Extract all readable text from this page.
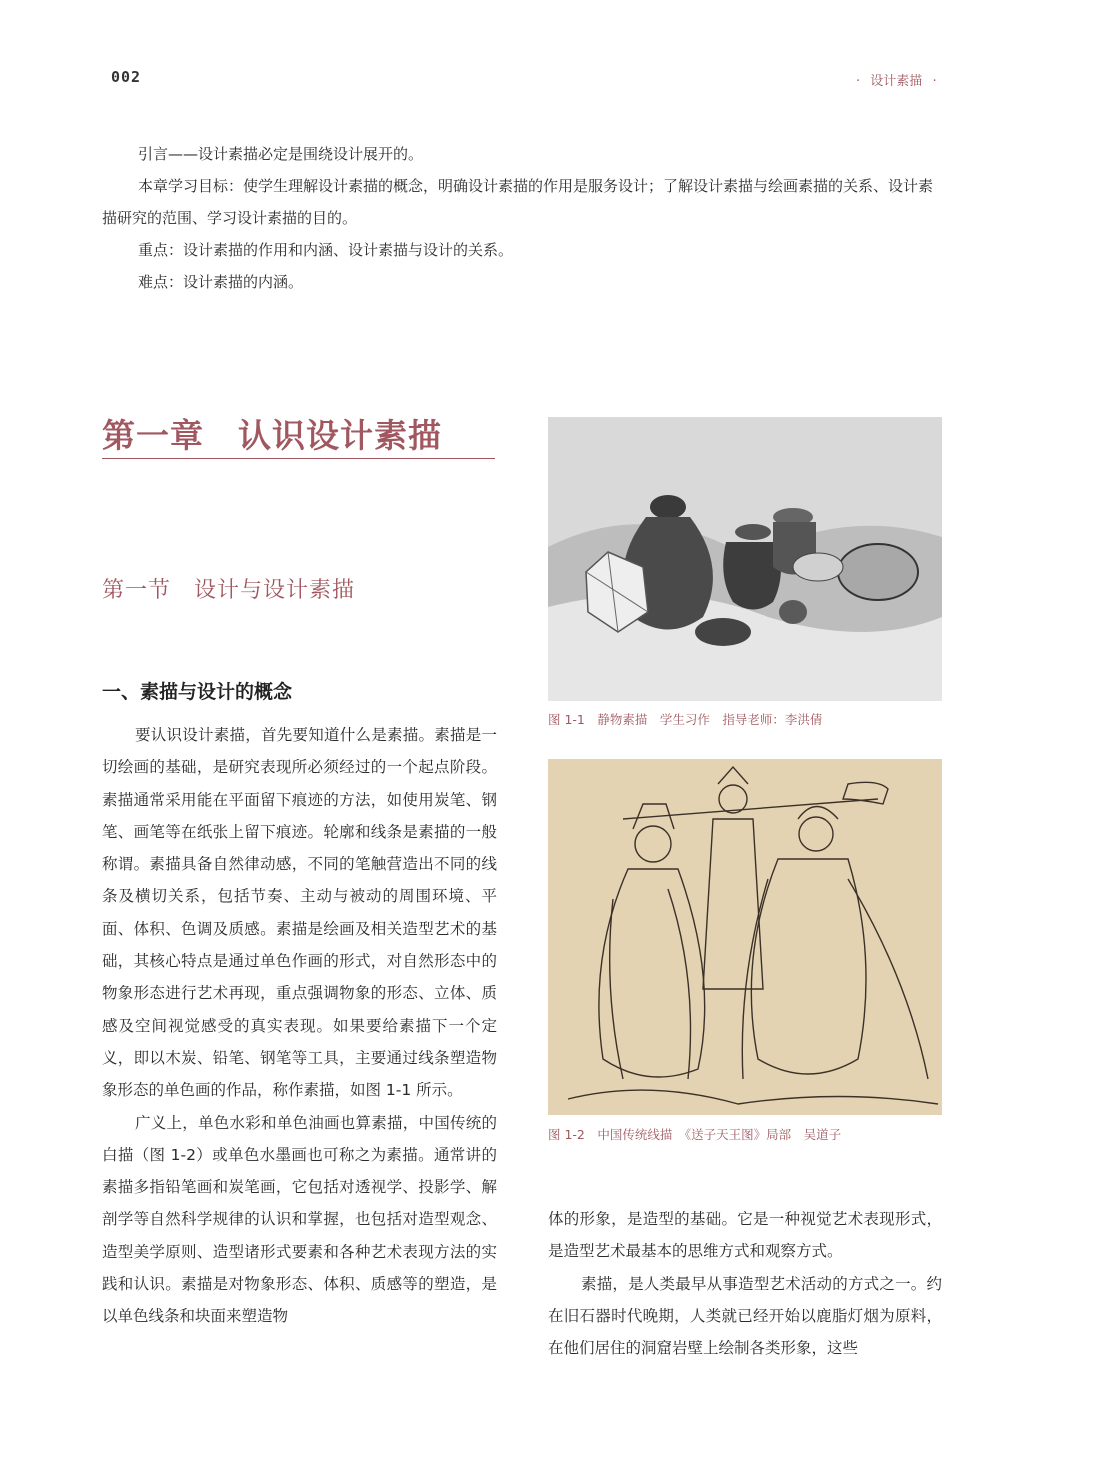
002	· 设计素描 ·

引言——设计素描必定是围绕设计展开的。

本章学习目标：使学生理解设计素描的概念，明确设计素描的作用是服务设计；了解设计素描与绘画素描的关系、设计素描研究的范围、学习设计素描的目的。

重点：设计素描的作用和内涵、设计素描与设计的关系。

难点：设计素描的内涵。

第一章　认识设计素描
第一节　设计与设计素描
一、素描与设计的概念

要认识设计素描，首先要知道什么是素描。素描是一切绘画的基础，是研究表现所必须经过的一个起点阶段。素描通常采用能在平面留下痕迹的方法，如使用炭笔、钢笔、画笔等在纸张上留下痕迹。轮廓和线条是素描的一般称谓。素描具备自然律动感，不同的笔触营造出不同的线条及横切关系，包括节奏、主动与被动的周围环境、平面、体积、色调及质感。素描是绘画及相关造型艺术的基础，其核心特点是通过单色作画的形式，对自然形态中的物象形态进行艺术再现，重点强调物象的形态、立体、质感及空间视觉感受的真实表现。如果要给素描下一个定义，即以木炭、铅笔、钢笔等工具，主要通过线条塑造物象形态的单色画的作品，称作素描，如图 1-1 所示。

广义上，单色水彩和单色油画也算素描，中国传统的白描（图 1-2）或单色水墨画也可称之为素描。通常讲的素描多指铅笔画和炭笔画，它包括对透视学、投影学、解剖学等自然科学规律的认识和掌握，也包括对造型观念、造型美学原则、造型诸形式要素和各种艺术表现方法的实践和认识。素描是对物象形态、体积、质感等的塑造，是以单色线条和块面来塑造物

图 1-1　静物素描　学生习作　指导老师：李洪倩
图 1-2　中国传统线描　《送子天王图》局部　吴道子

体的形象，是造型的基础。它是一种视觉艺术表现形式，是造型艺术最基本的思维方式和观察方式。

素描，是人类最早从事造型艺术活动的方式之一。约在旧石器时代晚期，人类就已经开始以鹿脂灯烟为原料，在他们居住的洞窟岩壁上绘制各类形象，这些
